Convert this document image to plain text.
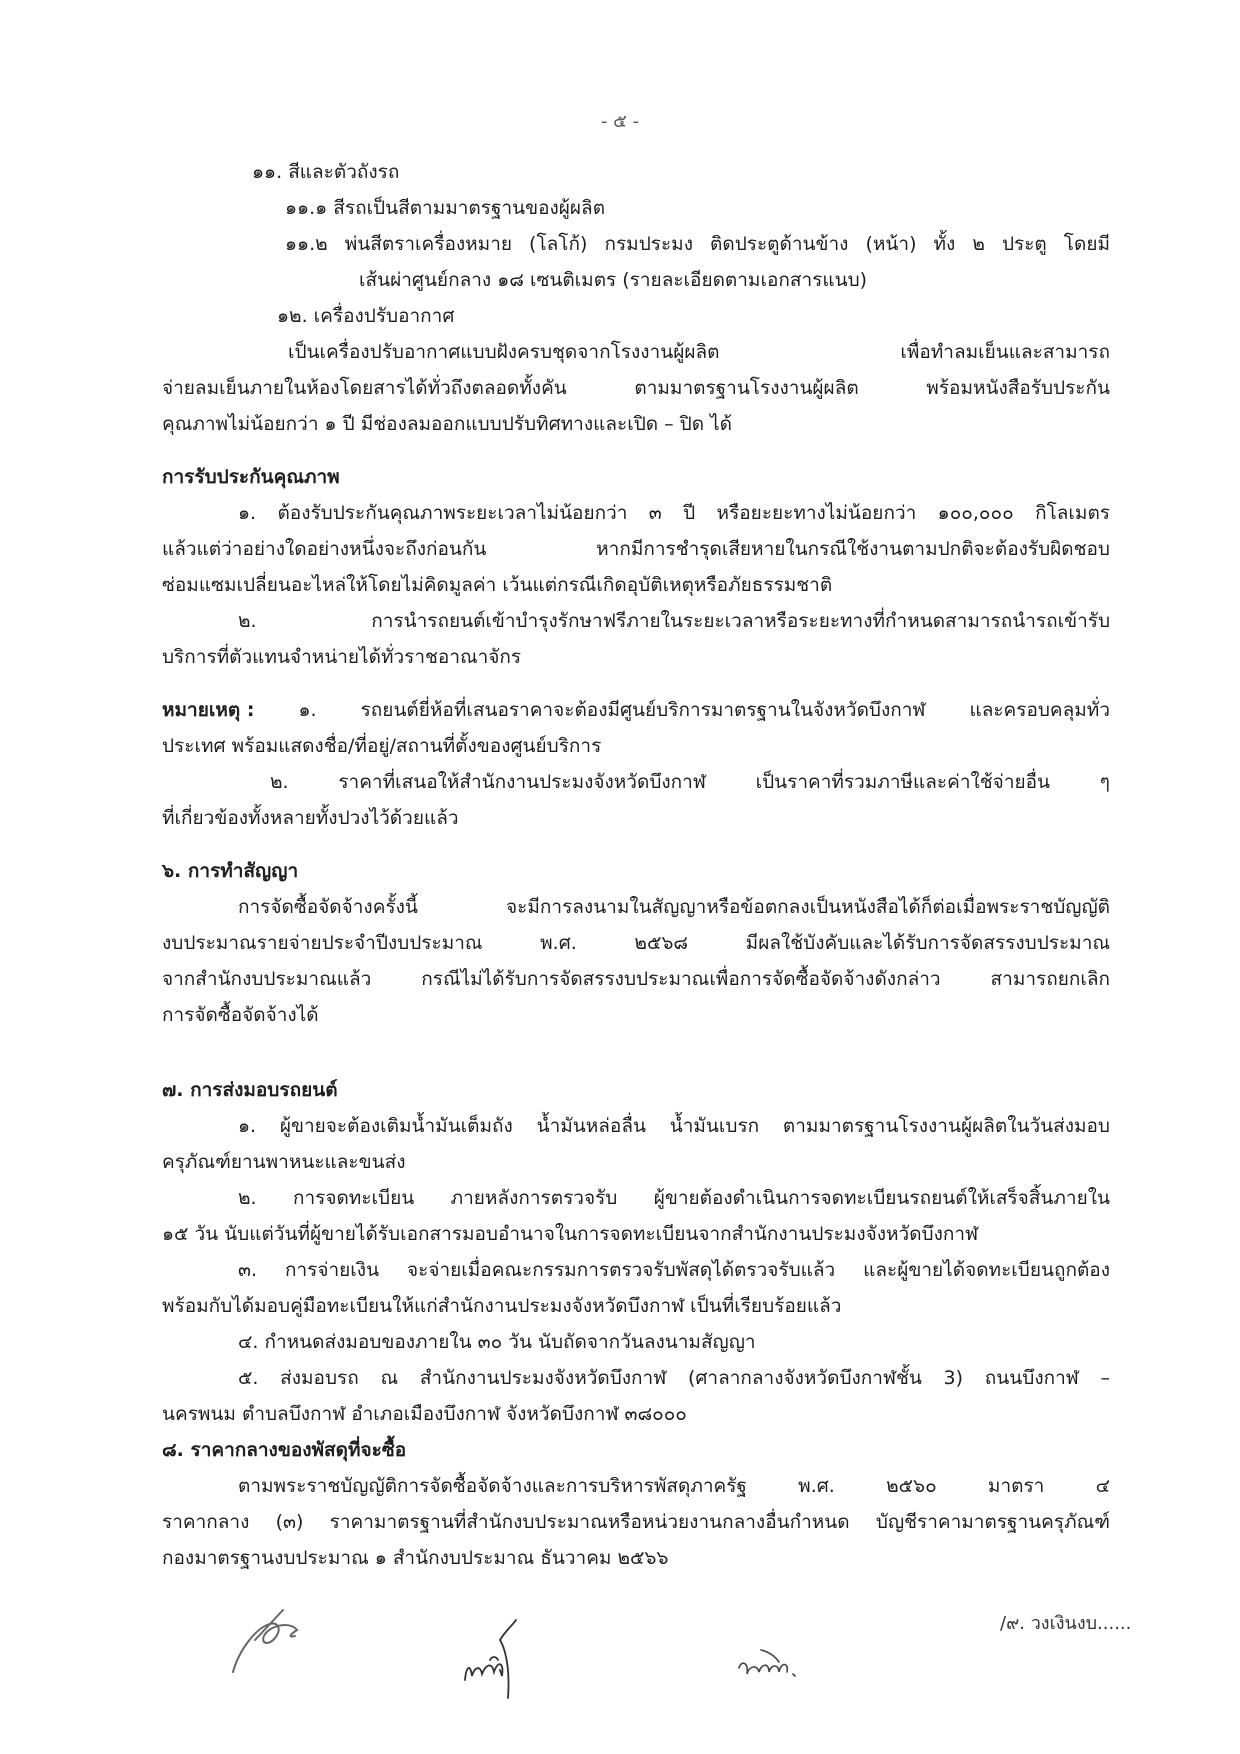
- ๕ -
๑๑. สีและตัวถังรถ
๑๑.๑ สีรถเป็นสีตามมาตรฐานของผู้ผลิต
๑๑.๒ พ่นสีตราเครื่องหมาย (โลโก้) กรมประมง ติดประตูด้านข้าง (หน้า) ทั้ง ๒ ประตู โดยมี
เส้นผ่าศูนย์กลาง ๑๘ เซนติเมตร (รายละเอียดตามเอกสารแนบ)
๑๒. เครื่องปรับอากาศ
เป็นเครื่องปรับอากาศแบบฝังครบชุดจากโรงงานผู้ผลิต เพื่อทำลมเย็นและสามารถ
จ่ายลมเย็นภายในห้องโดยสารได้ทั่วถึงตลอดทั้งคัน ตามมาตรฐานโรงงานผู้ผลิต พร้อมหนังสือรับประกัน
คุณภาพไม่น้อยกว่า ๑ ปี มีช่องลมออกแบบปรับทิศทางและเปิด – ปิด ได้
การรับประกันคุณภาพ
๑. ต้องรับประกันคุณภาพระยะเวลาไม่น้อยกว่า ๓ ปี หรือยะยะทางไม่น้อยกว่า ๑๐๐,๐๐๐ กิโลเมตร
แล้วแต่ว่าอย่างใดอย่างหนึ่งจะถึงก่อนกัน หากมีการชำรุดเสียหายในกรณีใช้งานตามปกติจะต้องรับผิดชอบ
ซ่อมแซมเปลี่ยนอะไหล่ให้โดยไม่คิดมูลค่า เว้นแต่กรณีเกิดอุบัติเหตุหรือภัยธรรมชาติ
๒. การนำรถยนต์เข้าบำรุงรักษาฟรีภายในระยะเวลาหรือระยะทางที่กำหนดสามารถนำรถเข้ารับ
บริการที่ตัวแทนจำหน่ายได้ทั่วราชอาณาจักร
หมายเหตุ : ๑. รถยนต์ยี่ห้อที่เสนอราคาจะต้องมีศูนย์บริการมาตรฐานในจังหวัดบึงกาฬ และครอบคลุมทั่ว
ประเทศ พร้อมแสดงชื่อ/ที่อยู่/สถานที่ตั้งของศูนย์บริการ
๒. ราคาที่เสนอให้สำนักงานประมงจังหวัดบึงกาฬ เป็นราคาที่รวมภาษีและค่าใช้จ่ายอื่น ๆ
ที่เกี่ยวข้องทั้งหลายทั้งปวงไว้ด้วยแล้ว
๖. การทำสัญญา
การจัดซื้อจัดจ้างครั้งนี้ จะมีการลงนามในสัญญาหรือข้อตกลงเป็นหนังสือได้ก็ต่อเมื่อพระราชบัญญัติ
งบประมาณรายจ่ายประจำปีงบประมาณ พ.ศ. ๒๕๖๘ มีผลใช้บังคับและได้รับการจัดสรรงบประมาณ
จากสำนักงบประมาณแล้ว กรณีไม่ได้รับการจัดสรรงบประมาณเพื่อการจัดซื้อจัดจ้างดังกล่าว สามารถยกเลิก
การจัดซื้อจัดจ้างได้
๗. การส่งมอบรถยนต์
๑. ผู้ขายจะต้องเติมน้ำมันเต็มถัง น้ำมันหล่อลื่น น้ำมันเบรก ตามมาตรฐานโรงงานผู้ผลิตในวันส่งมอบ
ครุภัณฑ์ยานพาหนะและขนส่ง
๒. การจดทะเบียน ภายหลังการตรวจรับ ผู้ขายต้องดำเนินการจดทะเบียนรถยนต์ให้เสร็จสิ้นภายใน
๑๕ วัน นับแต่วันที่ผู้ขายได้รับเอกสารมอบอำนาจในการจดทะเบียนจากสำนักงานประมงจังหวัดบึงกาฬ
๓. การจ่ายเงิน จะจ่ายเมื่อคณะกรรมการตรวจรับพัสดุได้ตรวจรับแล้ว และผู้ขายได้จดทะเบียนถูกต้อง
พร้อมกับได้มอบคู่มือทะเบียนให้แก่สำนักงานประมงจังหวัดบึงกาฬ เป็นที่เรียบร้อยแล้ว
๔. กำหนดส่งมอบของภายใน ๓๐ วัน นับถัดจากวันลงนามสัญญา
๕. ส่งมอบรถ ณ สำนักงานประมงจังหวัดบึงกาฬ (ศาลากลางจังหวัดบึงกาฬชั้น 3) ถนนบึงกาฬ –
นครพนม ตำบลบึงกาฬ อำเภอเมืองบึงกาฬ จังหวัดบึงกาฬ ๓๘๐๐๐
๘. ราคากลางของพัสดุที่จะซื้อ
ตามพระราชบัญญัติการจัดซื้อจัดจ้างและการบริหารพัสดุภาครัฐ พ.ศ. ๒๕๖๐ มาตรา ๔
ราคากลาง (๓) ราคามาตรฐานที่สำนักงบประมาณหรือหน่วยงานกลางอื่นกำหนด บัญชีราคามาตรฐานครุภัณฑ์
กองมาตรฐานงบประมาณ ๑ สำนักงบประมาณ ธันวาคม ๒๕๖๖
/๙. วงเงินงบ......
